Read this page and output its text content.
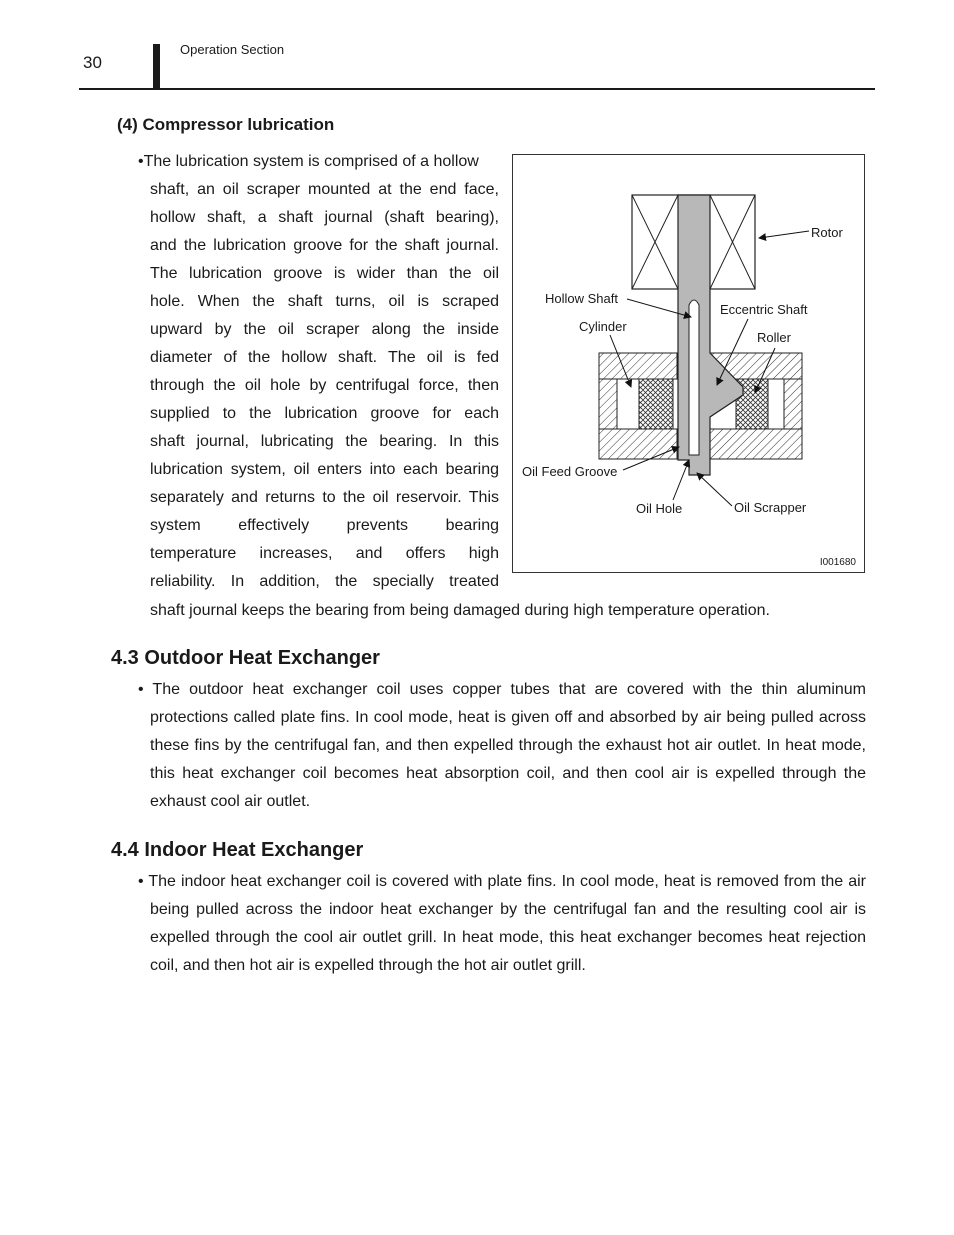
30
Operation Section
(4) Compressor lubrication
•The lubrication system is comprised of a hollow
shaft, an oil scraper mounted at the end face,
hollow shaft, a shaft journal (shaft bearing),
and the lubrication groove for the shaft journal.
The lubrication groove is wider than the oil
hole. When the shaft turns, oil is scraped
upward by the oil scraper along the inside
diameter of the hollow shaft. The oil is fed
through the oil hole by centrifugal force, then
supplied to the lubrication groove for each
shaft journal, lubricating the bearing. In this
lubrication system, oil enters into each bearing
separately and returns to the oil reservoir. This
system effectively prevents bearing
temperature increases, and offers high
reliability. In addition, the specially treated
shaft journal keeps the bearing from being damaged during high temperature operation.
Rotor
Hollow Shaft
Eccentric Shaft
Cylinder
Roller
Oil Feed Groove
Oil Hole	Oil Scrapper
I001680
4.3 Outdoor Heat Exchanger
• The outdoor heat exchanger coil uses copper tubes that are covered with the thin aluminum protections called plate fins. In cool mode, heat is given off and absorbed by air being pulled across these fins by the centrifugal fan, and then expelled through the exhaust hot air outlet. In heat mode, this heat exchanger coil becomes heat absorption coil, and then cool air is expelled through the exhaust cool air outlet.
4.4 Indoor Heat Exchanger
• The indoor heat exchanger coil is covered with plate fins. In cool mode, heat is removed from the air being pulled across the indoor heat exchanger by the centrifugal fan and the resulting cool air is expelled through the cool air outlet grill. In heat mode, this heat exchanger becomes heat rejection coil, and then hot air is expelled through the hot air outlet grill.
